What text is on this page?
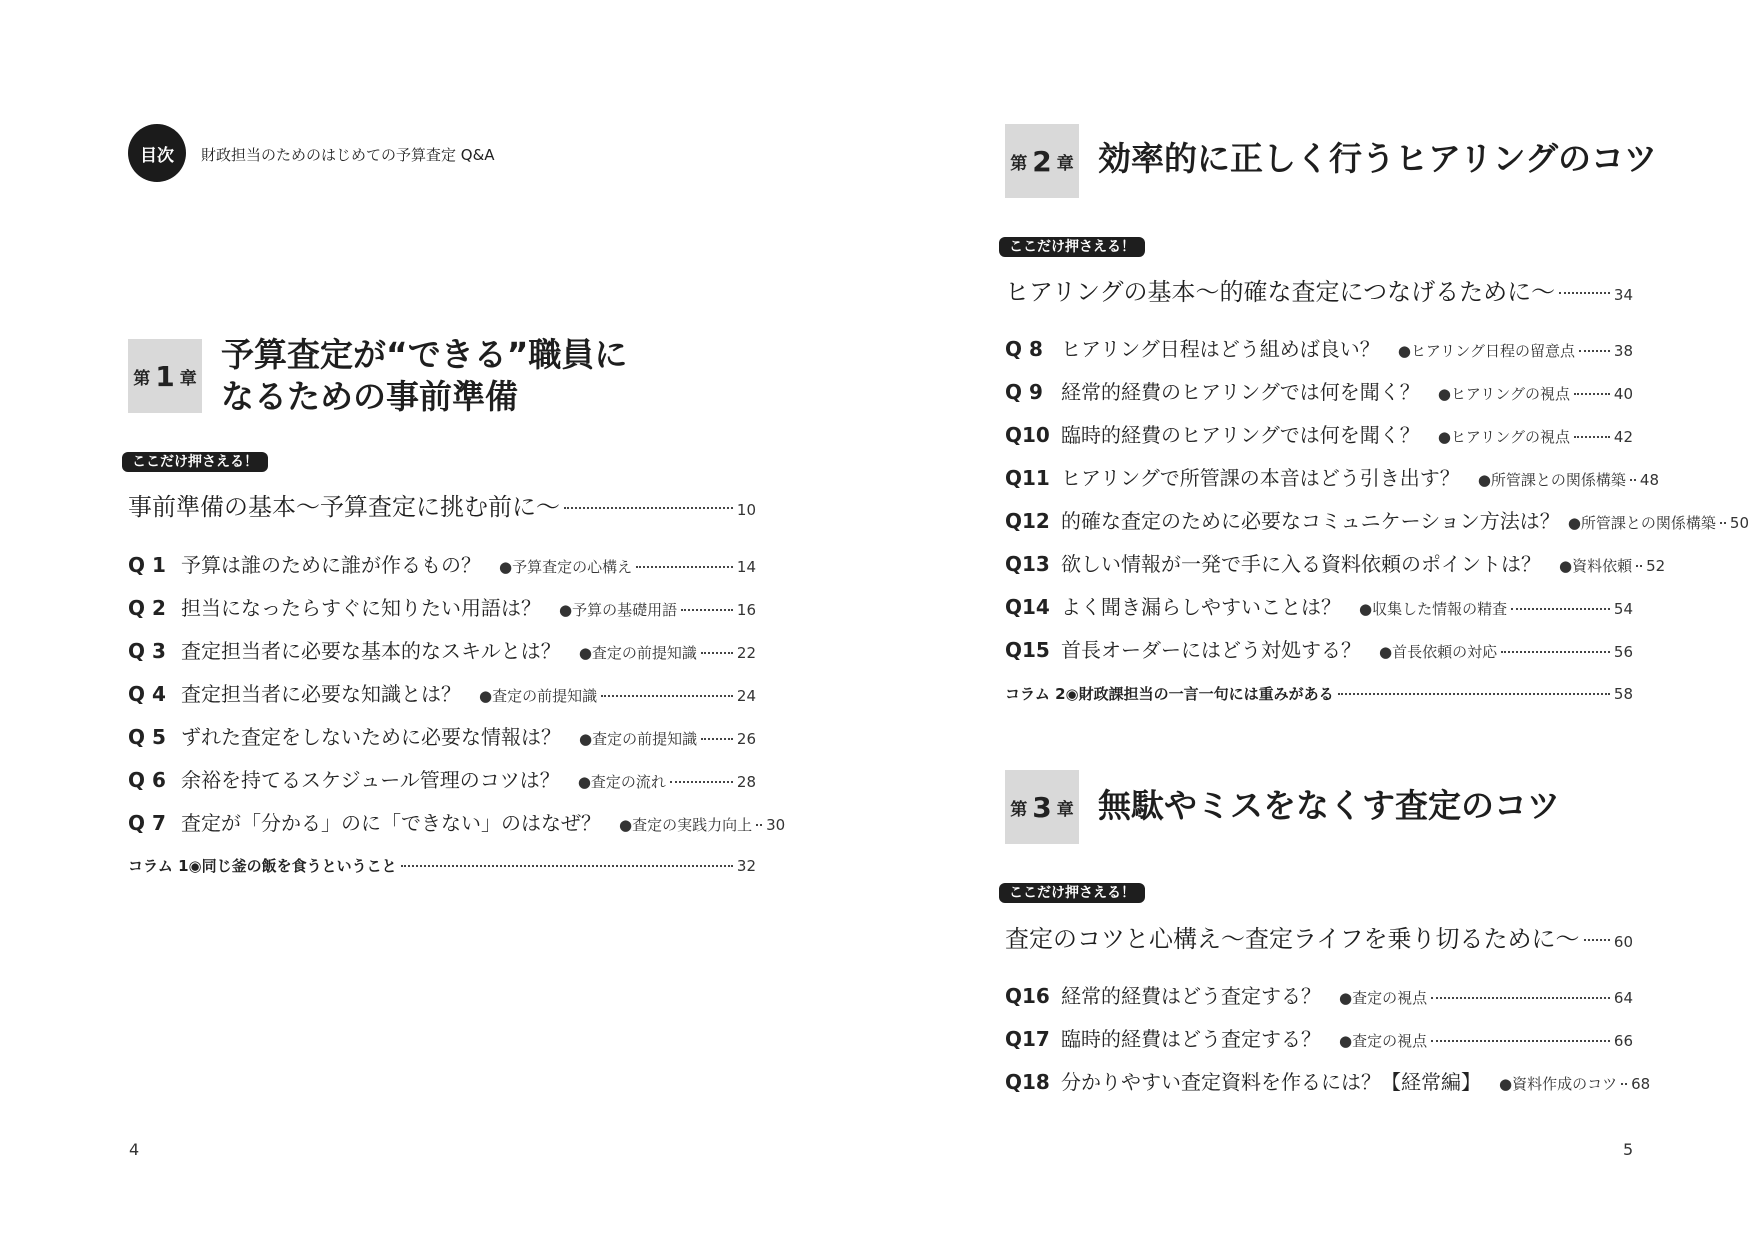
目次	財政担当のためのはじめての予算査定 Q&A
第 1 章
予算査定が“できる”職員に
なるための事前準備
ここだけ押さえる！
事前準備の基本～予算査定に挑む前に～	10
Q 1 予算は誰のために誰が作るもの？ ●予算査定の心構え	14
Q 2 担当になったらすぐに知りたい用語は？ ●予算の基礎用語	16
Q 3 査定担当者に必要な基本的なスキルとは？ ●査定の前提知識	22
Q 4 査定担当者に必要な知識とは？ ●査定の前提知識	24
Q 5 ずれた査定をしないために必要な情報は？ ●査定の前提知識	26
Q 6 余裕を持てるスケジュール管理のコツは？ ●査定の流れ	28
Q 7 査定が「分かる」のに「できない」のはなぜ？ ●査定の実践力向上 30
コラム 1◉同じ釜の飯を食うということ	32
4
第 2 章 効率的に正しく行うヒアリングのコツ
ここだけ押さえる！
ヒアリングの基本～的確な査定につなげるために～	34
Q 8 ヒアリング日程はどう組めば良い？ ●ヒアリング日程の留意点	38
Q 9 経常的経費のヒアリングでは何を聞く？ ●ヒアリングの視点	40
Q10 臨時的経費のヒアリングでは何を聞く？ ●ヒアリングの視点	42
Q11 ヒアリングで所管課の本音はどう引き出す？ ●所管課との関係構築 48
Q12 的確な査定のために必要なコミュニケーション方法は？ ●所管課との関係構築 50
Q13 欲しい情報が一発で手に入る資料依頼のポイントは？ ●資料依頼 52
Q14 よく聞き漏らしやすいことは？ ●収集した情報の精査	54
Q15 首長オーダーにはどう対処する？ ●首長依頼の対応	56
コラム 2◉財政課担当の一言一句には重みがある	58
第 3 章 無駄やミスをなくす査定のコツ
ここだけ押さえる！
査定のコツと心構え～査定ライフを乗り切るために～ 60
Q16 経常的経費はどう査定する？ ●査定の視点	64
Q17 臨時的経費はどう査定する？ ●査定の視点	66
Q18 分かりやすい査定資料を作るには？【経常編】 ●資料作成のコツ 68
5
